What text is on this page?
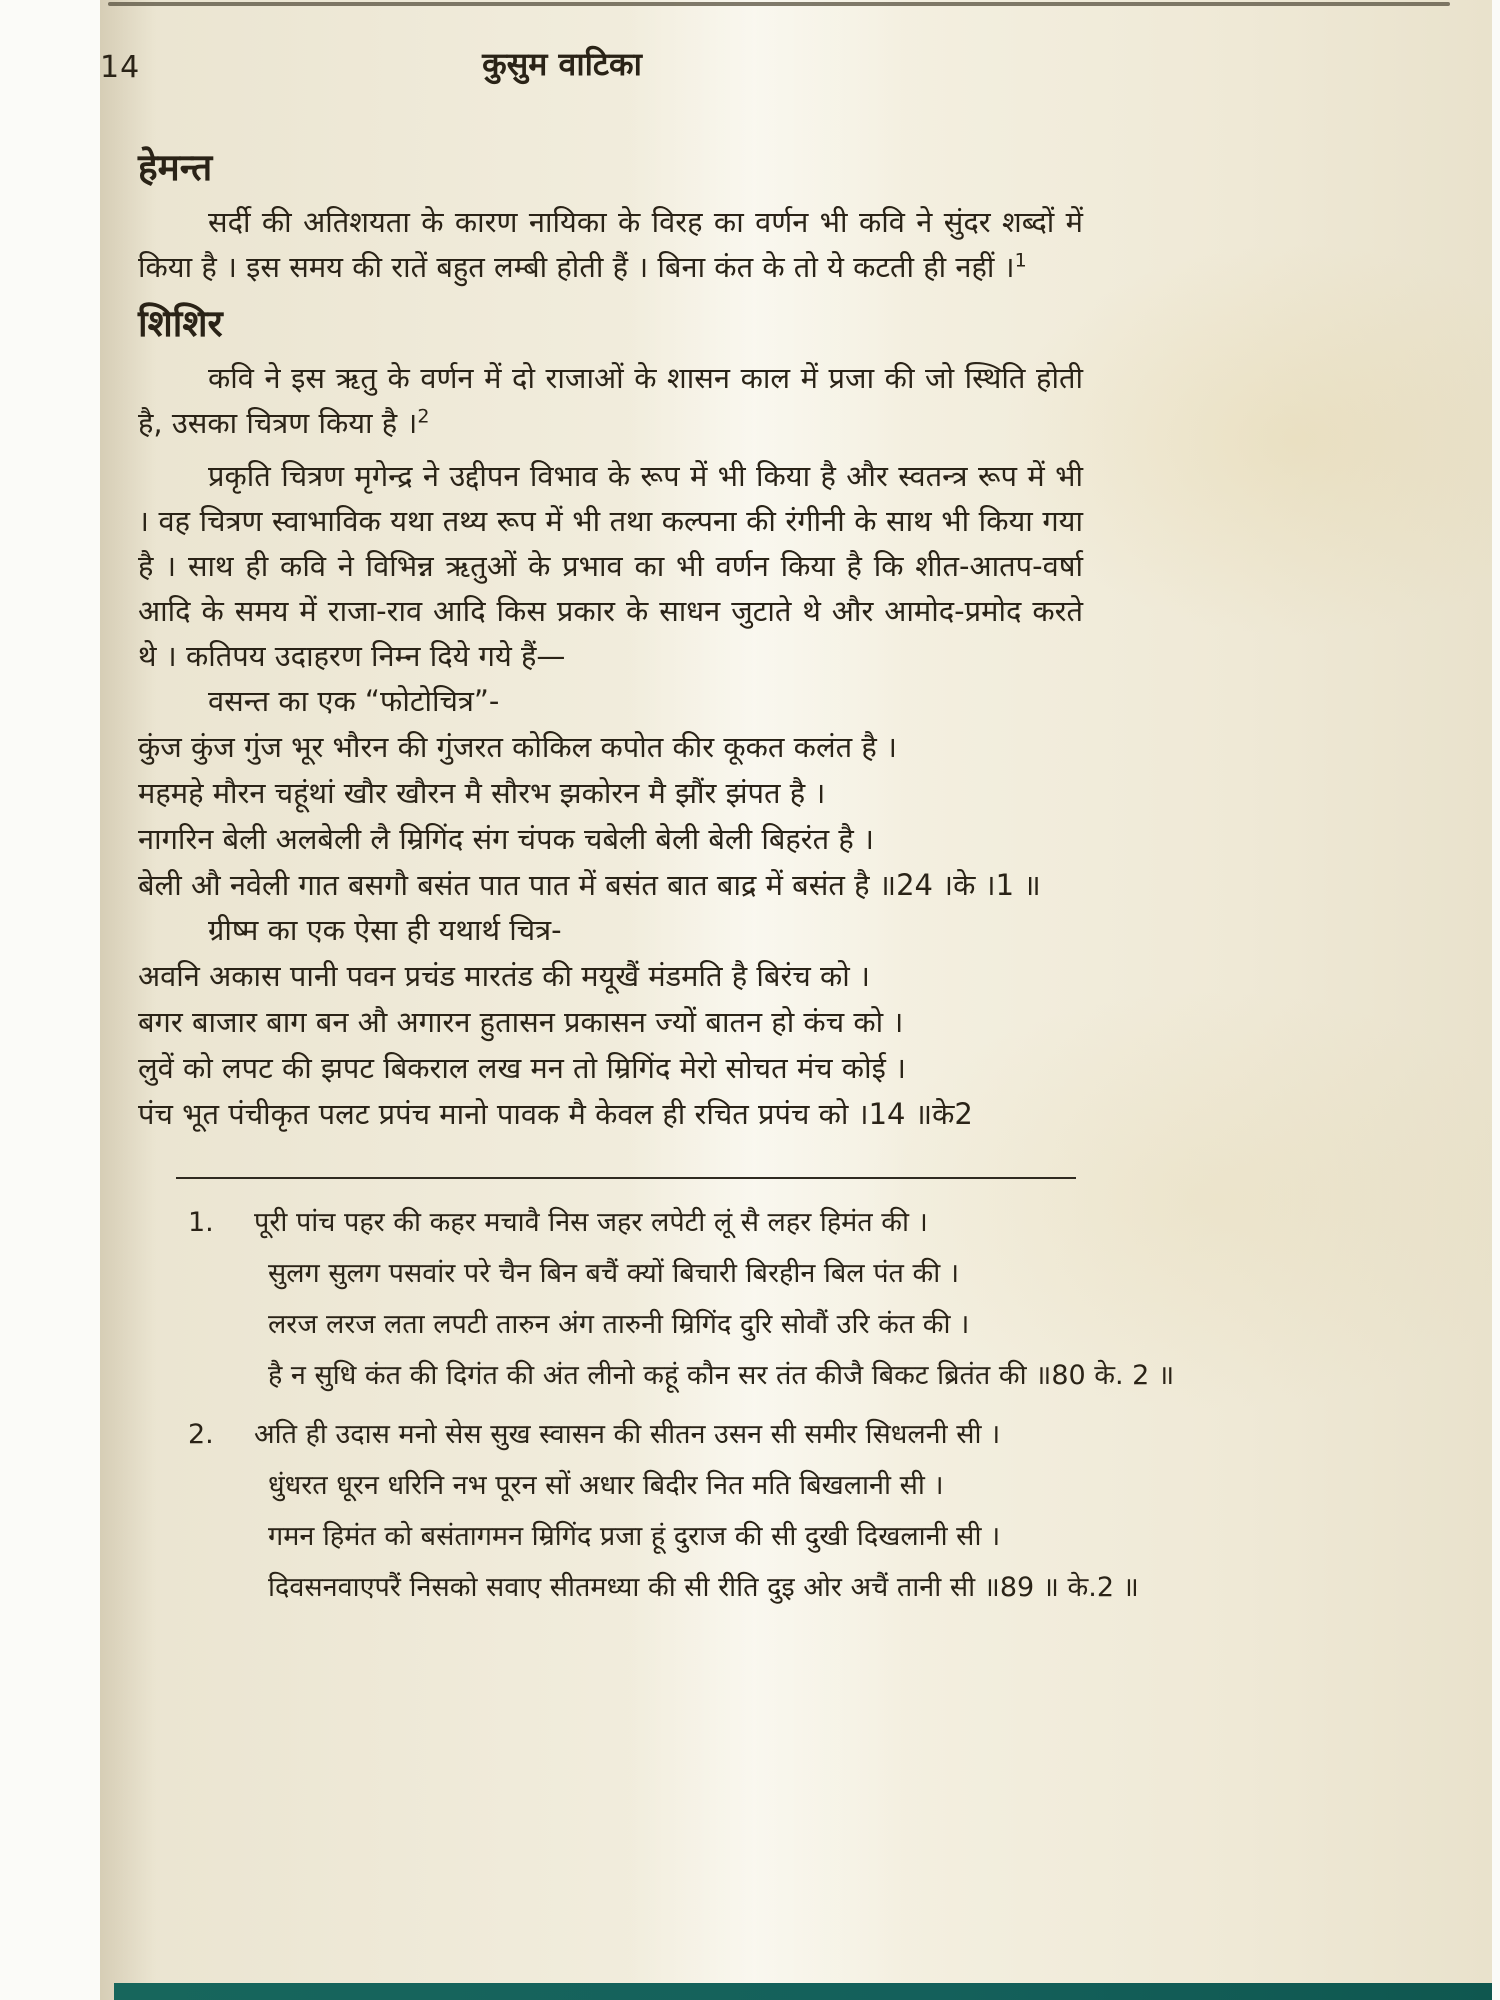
14	कुसुम वाटिका
हेमन्त

सर्दी की अतिशयता के कारण नायिका के विरह का वर्णन भी कवि ने सुंदर शब्दों में किया है । इस समय की रातें बहुत लम्बी होती हैं । बिना कंत के तो ये कटती ही नहीं ।$^1$

शिशिर

कवि ने इस ऋतु के वर्णन में दो राजाओं के शासन काल में प्रजा की जो स्थिति होती है, उसका चित्रण किया है ।$^2$

प्रकृति चित्रण मृगेन्द्र ने उद्दीपन विभाव के रूप में भी किया है और स्वतन्त्र रूप में भी । वह चित्रण स्वाभाविक यथा तथ्य रूप में भी तथा कल्पना की रंगीनी के साथ भी किया गया है । साथ ही कवि ने विभिन्न ऋतुओं के प्रभाव का भी वर्णन किया है कि शीत-आतप-वर्षा आदि के समय में राजा-राव आदि किस प्रकार के साधन जुटाते थे और आमोद-प्रमोद करते थे । कतिपय उदाहरण निम्न दिये गये हैं—

वसन्त का एक “फोटोचित्र”-

कुंज कुंज गुंज भूर भौरन की गुंजरत कोकिल कपोत कीर कूकत कलंत है ।
महमहे मौरन चहूंथां खौर खौरन मै सौरभ झकोरन मै झौंर झंपत है ।
नागरिन बेली अलबेली लै म्रिगिंद संग चंपक चबेली बेली बेली बिहरंत है ।
बेली औ नवेली गात बसगौ बसंत पात पात में बसंत बात बाद्र में बसंत है ॥24 ।के ।1 ॥

ग्रीष्म का एक ऐसा ही यथार्थ चित्र-

अवनि अकास पानी पवन प्रचंड मारतंड की मयूखैं मंडमति है बिरंच को ।
बगर बाजार बाग बन औ अगारन हुतासन प्रकासन ज्यों बातन हो कंच को ।
लुवें को लपट की झपट बिकराल लख मन तो म्रिगिंद मेरो सोचत मंच कोई ।
पंच भूत पंचीकृत पलट प्रपंच मानो पावक मै केवल ही रचित प्रपंच को ।14 ॥के2
1.	पूरी पांच पहर की कहर मचावै निस जहर लपेटी लूं सै लहर हिमंत की ।
सुलग सुलग पसवांर परे चैन बिन बचैं क्यों बिचारी बिरहीन बिल पंत की ।
लरज लरज लता लपटी तारुन अंग तारुनी म्रिगिंद दुरि सोवौं उरि कंत की ।
है न सुधि कंत की दिगंत की अंत लीनो कहूं कौन सर तंत कीजै बिकट ब्रितंत की ॥80 के. 2 ॥
2.	अति ही उदास मनो सेस सुख स्वासन की सीतन उसन सी समीर सिधलनी सी ।
धुंधरत धूरन धरिनि नभ पूरन सों अधार बिदीर नित मति बिखलानी सी ।
गमन हिमंत को बसंतागमन म्रिगिंद प्रजा हूं दुराज की सी दुखी दिखलानी सी ।
दिवसनवाएपरैं निसको सवाए सीतमध्या की सी रीति दुइ ओर अचैं तानी सी ॥89 ॥ के.2 ॥
